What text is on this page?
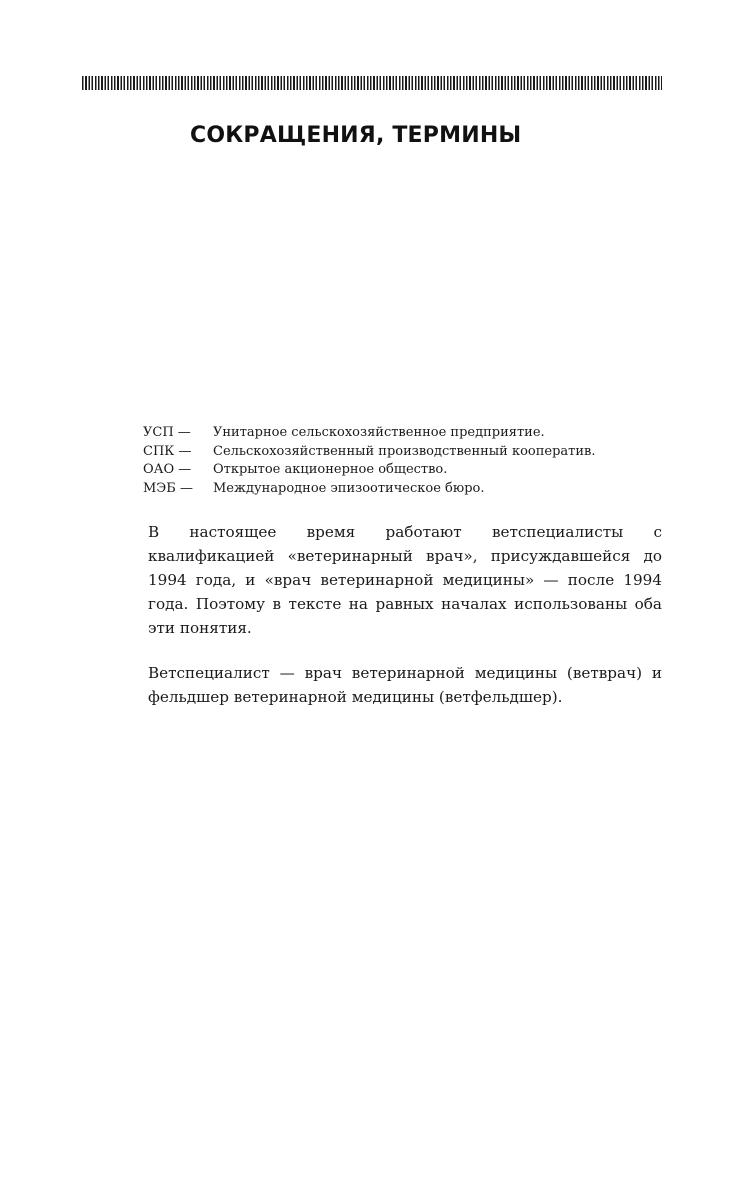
СОКРАЩЕНИЯ, ТЕРМИНЫ
УСП —	Унитарное сельскохозяйственное предприятие.
СПК —	Сельскохозяйственный производственный кооператив.
ОАО —	Открытое акционерное общество.
МЭБ —	Международное эпизоотическое бюро.

В настоящее время работают ветспециалисты с квалификацией «ветеринарный врач», присуждавшейся до 1994 года, и «врач ветеринарной медицины» — после 1994 года. Поэтому в тексте на равных началах использованы оба эти понятия.

Ветспециалист — врач ветеринарной медицины (ветврач) и фельдшер ветеринарной медицины (ветфельдшер).
